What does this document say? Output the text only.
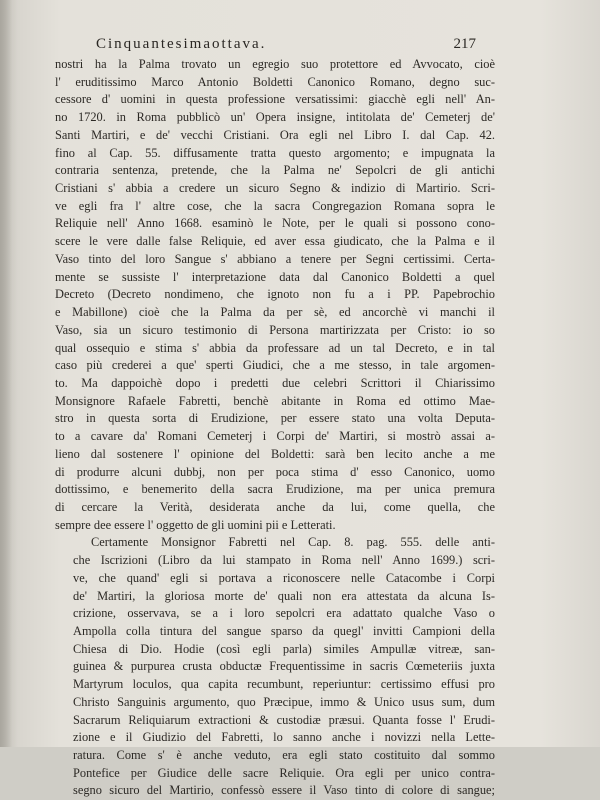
Cinquantesimaottava.	217

nostri ha la Palma trovato un egregio suo protettore ed Avvocato, cioè
l' eruditissimo Marco Antonio Boldetti Canonico Romano, degno suc-
cessore d' uomini in questa professione versatissimi: giacchè egli nell' An-
no 1720. in Roma pubblicò un' Opera insigne, intitolata de' Cemeterj de'
Santi Martiri, e de' vecchi Cristiani. Ora egli nel Libro I. dal Cap. 42.
fino al Cap. 55. diffusamente tratta questo argomento; e impugnata la
contraria sentenza, pretende, che la Palma ne' Sepolcri de gli antichi
Cristiani s' abbia a credere un sicuro Segno & indizio di Martirio. Scri-
ve egli fra l' altre cose, che la sacra Congregazion Romana sopra le
Reliquie nell' Anno 1668. esaminò le Note, per le quali si possono cono-
scere le vere dalle false Reliquie, ed aver essa giudicato, che la Palma e il
Vaso tinto del loro Sangue s' abbiano a tenere per Segni certissimi. Certa-
mente se sussiste l' interpretazione data dal Canonico Boldetti a quel
Decreto (Decreto nondimeno, che ignoto non fu a i PP. Papebrochio
e Mabillone) cioè che la Palma da per sè, ed ancorchè vi manchi il
Vaso, sia un sicuro testimonio di Persona martirizzata per Cristo: io so
qual ossequio e stima s' abbia da professare ad un tal Decreto, e in tal
caso più crederei a que' sperti Giudici, che a me stesso, in tale argomen-
to. Ma dappoichè dopo i predetti due celebri Scrittori il Chiarissimo
Monsignore Rafaele Fabretti, benchè abitante in Roma ed ottimo Mae-
stro in questa sorta di Erudizione, per essere stato una volta Deputa-
to a cavare da' Romani Cemeterj i Corpi de' Martiri, si mostrò assai a-
lieno dal sostenere l' opinione del Boldetti: sarà ben lecito anche a me
di produrre alcuni dubbj, non per poca stima d' esso Canonico, uomo
dottissimo, e benemerito della sacra Erudizione, ma per unica premura
di cercare la Verità, desiderata anche da lui, come quella, che
sempre dee essere l' oggetto de gli uomini pii e Letterati.

Certamente Monsignor Fabretti nel Cap. 8. pag. 555. delle anti-
che Iscrizioni (Libro da lui stampato in Roma nell' Anno 1699.) scri-
ve, che quand' egli si portava a riconoscere nelle Catacombe i Corpi
de' Martiri, la gloriosa morte de' quali non era attestata da alcuna Is-
crizione, osservava, se a i loro sepolcri era adattato qualche Vaso o
Ampolla colla tintura del sangue sparso da quegl' invitti Campioni della
Chiesa di Dio. Hodie (così egli parla) similes Ampullæ vitreæ, san-
guinea & purpurea crusta obductæ Frequentissime in sacris Cœmeteriis juxta
Martyrum loculos, qua capita recumbunt, reperiuntur: certissimo effusi pro
Christo Sanguinis argumento, quo Præcipue, immo & Unico usus sum, dum
Sacrarum Reliquiarum extractioni & custodiæ præsui. Quanta fosse l' Erudi-
zione e il Giudizio del Fabretti, lo sanno anche i novizzi nella Lette-
ratura. Come s' è anche veduto, era egli stato costituito dal sommo
Pontefice per Giudice delle sacre Reliquie. Ora egli per unico contra-
segno sicuro del Martirio, confessò essere il Vaso tinto di colore di sangue;
